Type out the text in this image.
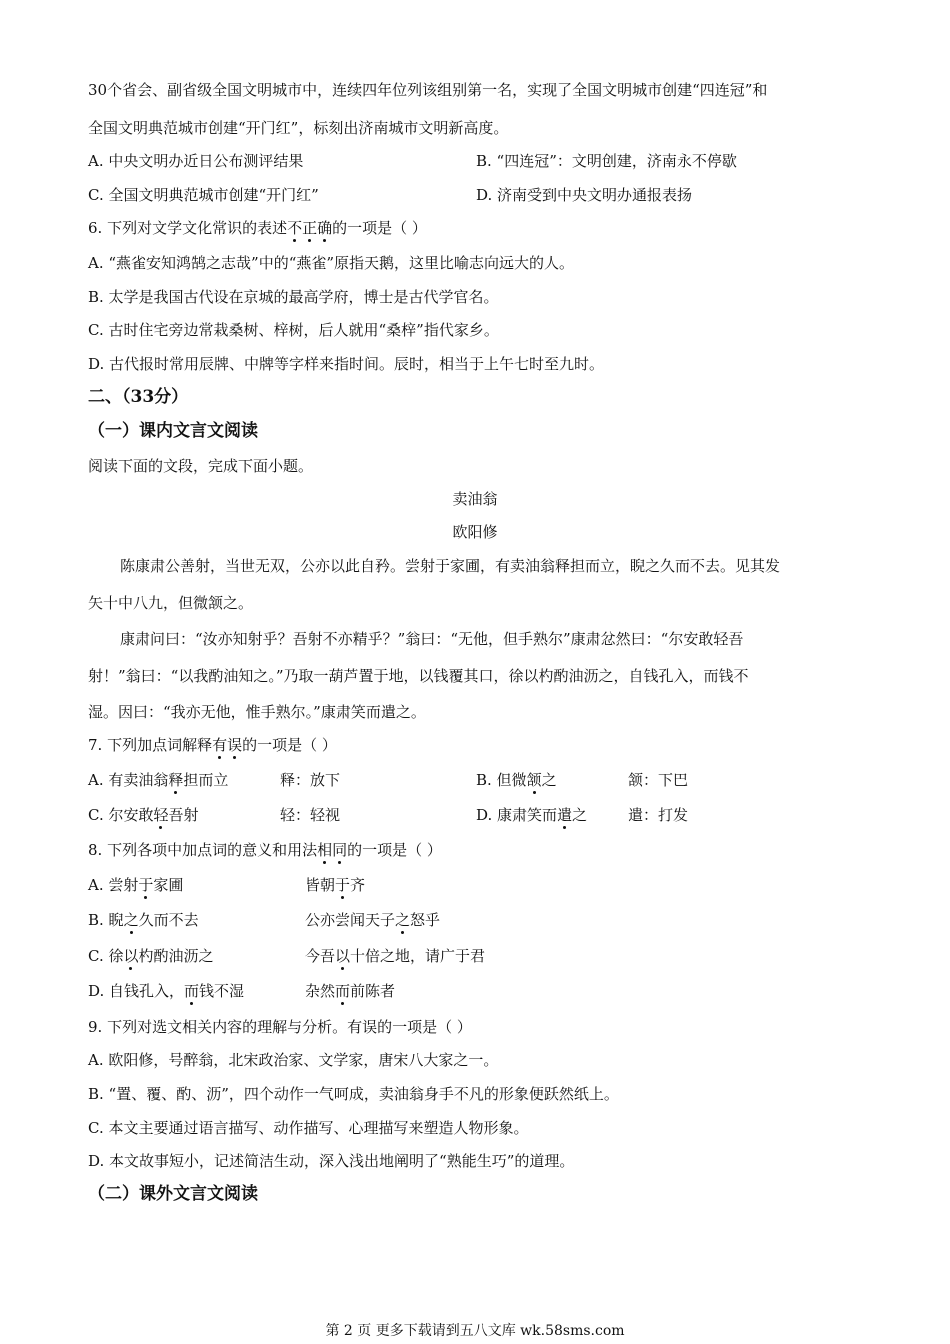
30个省会、副省级全国文明城市中，连续四年位列该组别第一名，实现了全国文明城市创建“四连冠”和
全国文明典范城市创建“开门红”，标刻出济南城市文明新高度。
A. 中央文明办近日公布测评结果	B. “四连冠”：文明创建，济南永不停歇
C. 全国文明典范城市创建“开门红”	D. 济南受到中央文明办通报表扬
6. 下列对文学文化常识的表述不正确的一项是（ ）
A. “燕雀安知鸿鹄之志哉”中的“燕雀”原指天鹅，这里比喻志向远大的人。
B. 太学是我国古代设在京城的最高学府，博士是古代学官名。
C. 古时住宅旁边常栽桑树、梓树，后人就用“桑梓”指代家乡。
D. 古代报时常用辰牌、中牌等字样来指时间。辰时，相当于上午七时至九时。
二、（33分）
（一）课内文言文阅读
阅读下面的文段，完成下面小题。
卖油翁
欧阳修
陈康肃公善射，当世无双，公亦以此自矜。尝射于家圃，有卖油翁释担而立，睨之久而不去。见其发
矢十中八九，但微颔之。
康肃问曰：“汝亦知射乎？吾射不亦精乎？”翁曰：“无他，但手熟尔”康肃忿然曰：“尔安敢轻吾
射！”翁曰：“以我酌油知之。”乃取一葫芦置于地，以钱覆其口，徐以杓酌油沥之，自钱孔入，而钱不
湿。因曰：“我亦无他，惟手熟尔。”康肃笑而遣之。
7. 下列加点词解释有误的一项是（ ）
A. 有卖油翁释担而立	释：放下	B. 但微颔之	颔：下巴
C. 尔安敢轻吾射	轻：轻视	D. 康肃笑而遣之	遣：打发
8. 下列各项中加点词的意义和用法相同的一项是（ ）
A. 尝射于家圃	皆朝于齐
B. 睨之久而不去	公亦尝闻天子之怒乎
C. 徐以杓酌油沥之	今吾以十倍之地，请广于君
D. 自钱孔入，而钱不湿	杂然而前陈者
9. 下列对选文相关内容的理解与分析。有误的一项是（ ）
A. 欧阳修，号醉翁，北宋政治家、文学家，唐宋八大家之一。
B. “置、覆、酌、沥”，四个动作一气呵成，卖油翁身手不凡的形象便跃然纸上。
C. 本文主要通过语言描写、动作描写、心理描写来塑造人物形象。
D. 本文故事短小，记述简洁生动，深入浅出地阐明了“熟能生巧”的道理。
（二）课外文言文阅读
第 2 页 更多下载请到五八文库 wk.58sms.com
